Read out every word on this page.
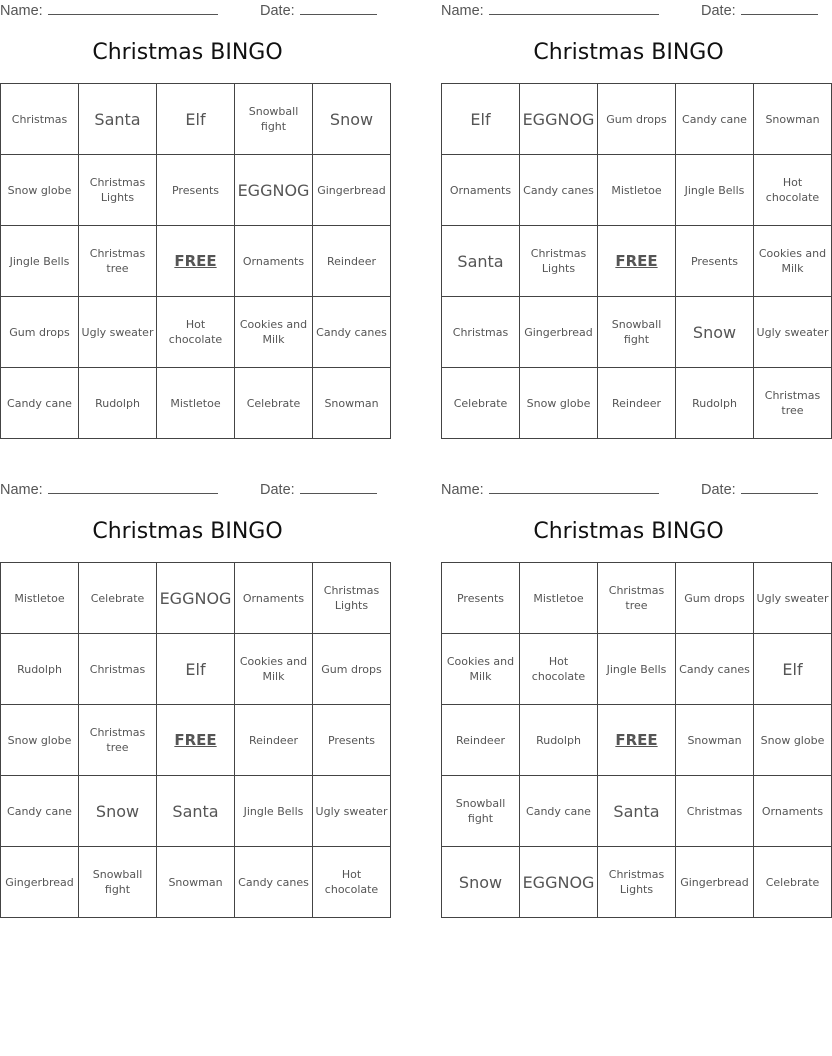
Name:	Date:
Christmas BINGO
Christmas	Santa	Elf	Snowball fight	Snow
Snow globe	Christmas Lights	Presents	EGGNOG	Gingerbread
Jingle Bells	Christmas tree	FREE	Ornaments	Reindeer
Gum drops	Ugly sweater	Hot chocolate	Cookies and Milk	Candy canes
Candy cane	Rudolph	Mistletoe	Celebrate	Snowman
Name:	Date:
Christmas BINGO
Elf	EGGNOG	Gum drops	Candy cane	Snowman
Ornaments	Candy canes	Mistletoe	Jingle Bells	Hot chocolate
Santa	Christmas Lights	FREE	Presents	Cookies and Milk
Christmas	Gingerbread	Snowball fight	Snow	Ugly sweater
Celebrate	Snow globe	Reindeer	Rudolph	Christmas tree
Name:	Date:
Christmas BINGO
Mistletoe	Celebrate	EGGNOG	Ornaments	Christmas Lights
Rudolph	Christmas	Elf	Cookies and Milk	Gum drops
Snow globe	Christmas tree	FREE	Reindeer	Presents
Candy cane	Snow	Santa	Jingle Bells	Ugly sweater
Gingerbread	Snowball fight	Snowman	Candy canes	Hot chocolate
Name:	Date:
Christmas BINGO
Presents	Mistletoe	Christmas tree	Gum drops	Ugly sweater
Cookies and Milk	Hot chocolate	Jingle Bells	Candy canes	Elf
Reindeer	Rudolph	FREE	Snowman	Snow globe
Snowball fight	Candy cane	Santa	Christmas	Ornaments
Snow	EGGNOG	Christmas Lights	Gingerbread	Celebrate
